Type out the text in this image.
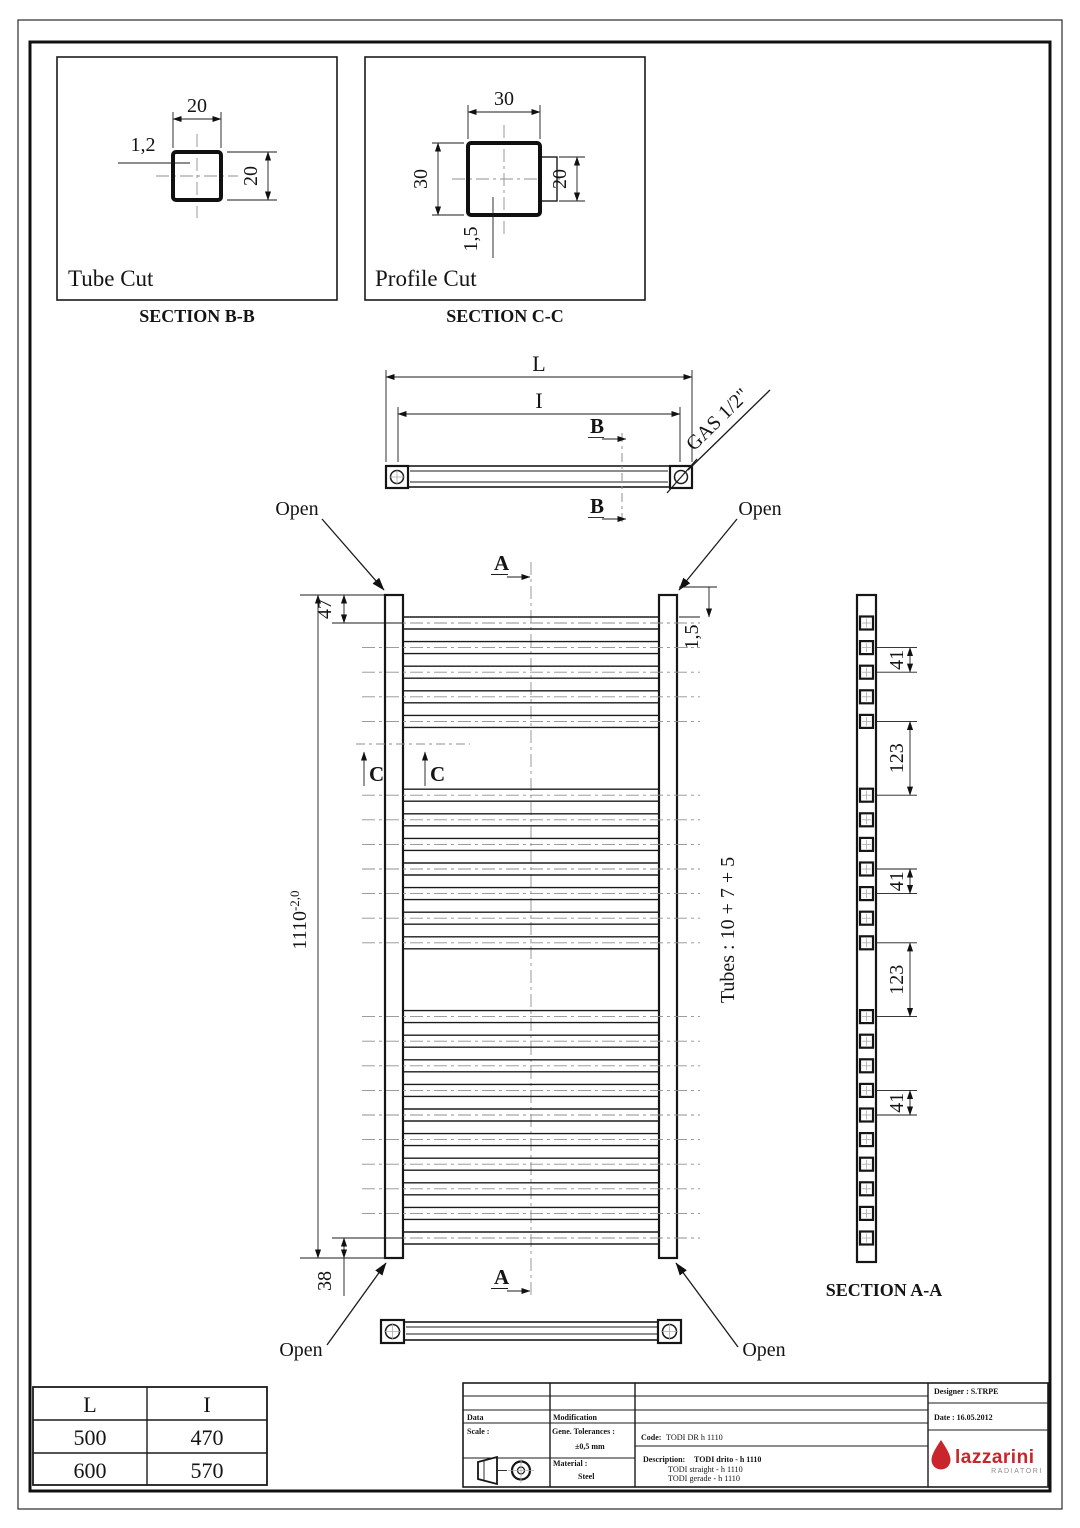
20
20
1,2
Tube Cut
SECTION B-B
30
30	20
1,5
Profile Cut
SECTION C-C
L
I	GAS 1/2"
B
B
A
A
C C
Open	Open
Open	Open
47
$1110^{-2,0}$
38
1,5
Tubes : 10 + 7 + 5
41
123
41
123
41
SECTION A-A
L	I
500	470
600	570
Data	Modification
Scale :	Gene. Tolerances :
±0,5 mm
Material :
Steel
Code: TODI DR h 1110
Description: TODI drito - h 1110
TODI straight - h 1110
TODI gerade - h 1110
Designer : S.TRPE
Date : 16.05.2012
lazzarini
RADIATORI
